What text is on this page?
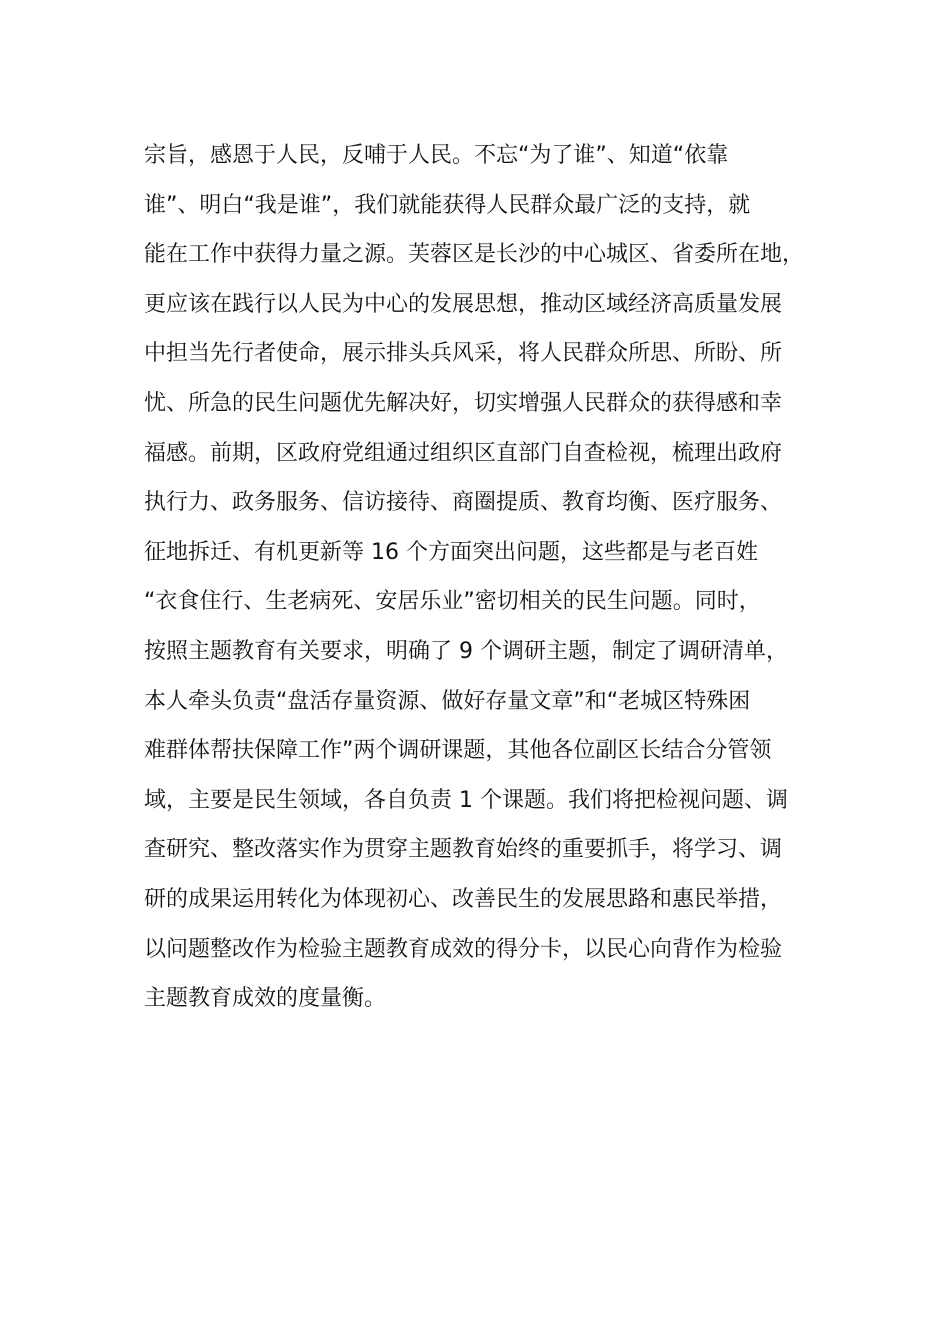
宗旨，感恩于人民，反哺于人民。不忘“为了谁”、知道“依靠
谁”、明白“我是谁”，我们就能获得人民群众最广泛的支持，就
能在工作中获得力量之源。芙蓉区是长沙的中心城区、省委所在地，
更应该在践行以人民为中心的发展思想，推动区域经济高质量发展
中担当先行者使命，展示排头兵风采，将人民群众所思、所盼、所
忧、所急的民生问题优先解决好，切实增强人民群众的获得感和幸
福感。前期，区政府党组通过组织区直部门自查检视，梳理出政府
执行力、政务服务、信访接待、商圈提质、教育均衡、医疗服务、
征地拆迁、有机更新等 16 个方面突出问题，这些都是与老百姓
“衣食住行、生老病死、安居乐业”密切相关的民生问题。同时，
按照主题教育有关要求，明确了 9 个调研主题，制定了调研清单，
本人牵头负责“盘活存量资源、做好存量文章”和“老城区特殊困
难群体帮扶保障工作”两个调研课题，其他各位副区长结合分管领
域，主要是民生领域，各自负责 1 个课题。我们将把检视问题、调
查研究、整改落实作为贯穿主题教育始终的重要抓手，将学习、调
研的成果运用转化为体现初心、改善民生的发展思路和惠民举措，
以问题整改作为检验主题教育成效的得分卡，以民心向背作为检验
主题教育成效的度量衡。
